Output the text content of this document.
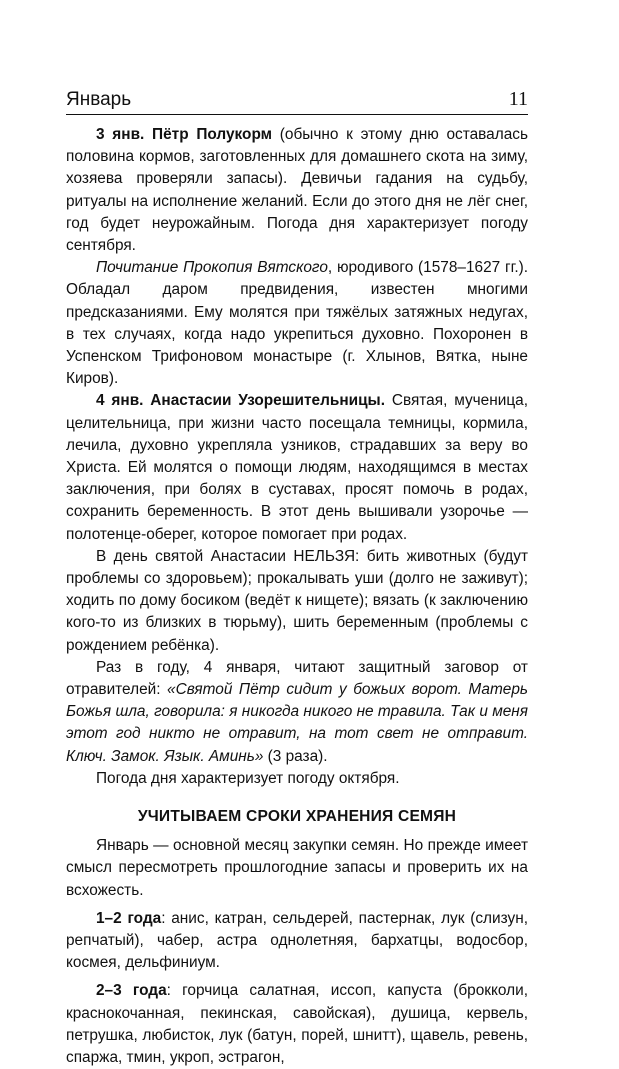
Январь	11

3 янв. Пётр Полукорм (обычно к этому дню оставалась половина кормов, заготовленных для домашнего скота на зиму, хозяева проверяли запасы). Девичьи гадания на судьбу, ритуалы на исполнение желаний. Если до этого дня не лёг снег, год будет неурожайным. Погода дня характеризует погоду сентября.

Почитание Прокопия Вятского, юродивого (1578–1627 гг.). Обладал даром предвидения, известен многими предсказаниями. Ему молятся при тяжёлых затяжных недугах, в тех случаях, когда надо укрепиться духовно. Похоронен в Успенском Трифоновом монастыре (г. Хлынов, Вятка, ныне Киров).

4 янв. Анастасии Узорешительницы. Святая, мученица, целительница, при жизни часто посещала темницы, кормила, лечила, духовно укрепляла узников, страдавших за веру во Христа. Ей молятся о помощи людям, находящимся в местах заключения, при болях в суставах, просят помочь в родах, сохранить беременность. В этот день вышивали узорочье — полотенце-оберег, которое помогает при родах.

В день святой Анастасии НЕЛЬЗЯ: бить животных (будут проблемы со здоровьем); прокалывать уши (долго не заживут); ходить по дому босиком (ведёт к нищете); вязать (к заключению кого-то из близких в тюрьму), шить беременным (проблемы с рождением ребёнка).

Раз в году, 4 января, читают защитный заговор от отравителей: «Святой Пётр сидит у божьих ворот. Матерь Божья шла, говорила: я никогда никого не травила. Так и меня этот год никто не отравит, на тот свет не отправит. Ключ. Замок. Язык. Аминь» (3 раза).

Погода дня характеризует погоду октября.

УЧИТЫВАЕМ СРОКИ ХРАНЕНИЯ СЕМЯН

Январь — основной месяц закупки семян. Но прежде имеет смысл пересмотреть прошлогодние запасы и проверить их на всхожесть.

1–2 года: анис, катран, сельдерей, пастернак, лук (слизун, репчатый), чабер, астра однолетняя, бархатцы, водосбор, космея, дельфиниум.

2–3 года: горчица салатная, иссоп, капуста (брокколи, краснокочанная, пекинская, савойская), душица, кервель, петрушка, любисток, лук (батун, порей, шнитт), щавель, ревень, спаржа, тмин, укроп, эстрагон,
